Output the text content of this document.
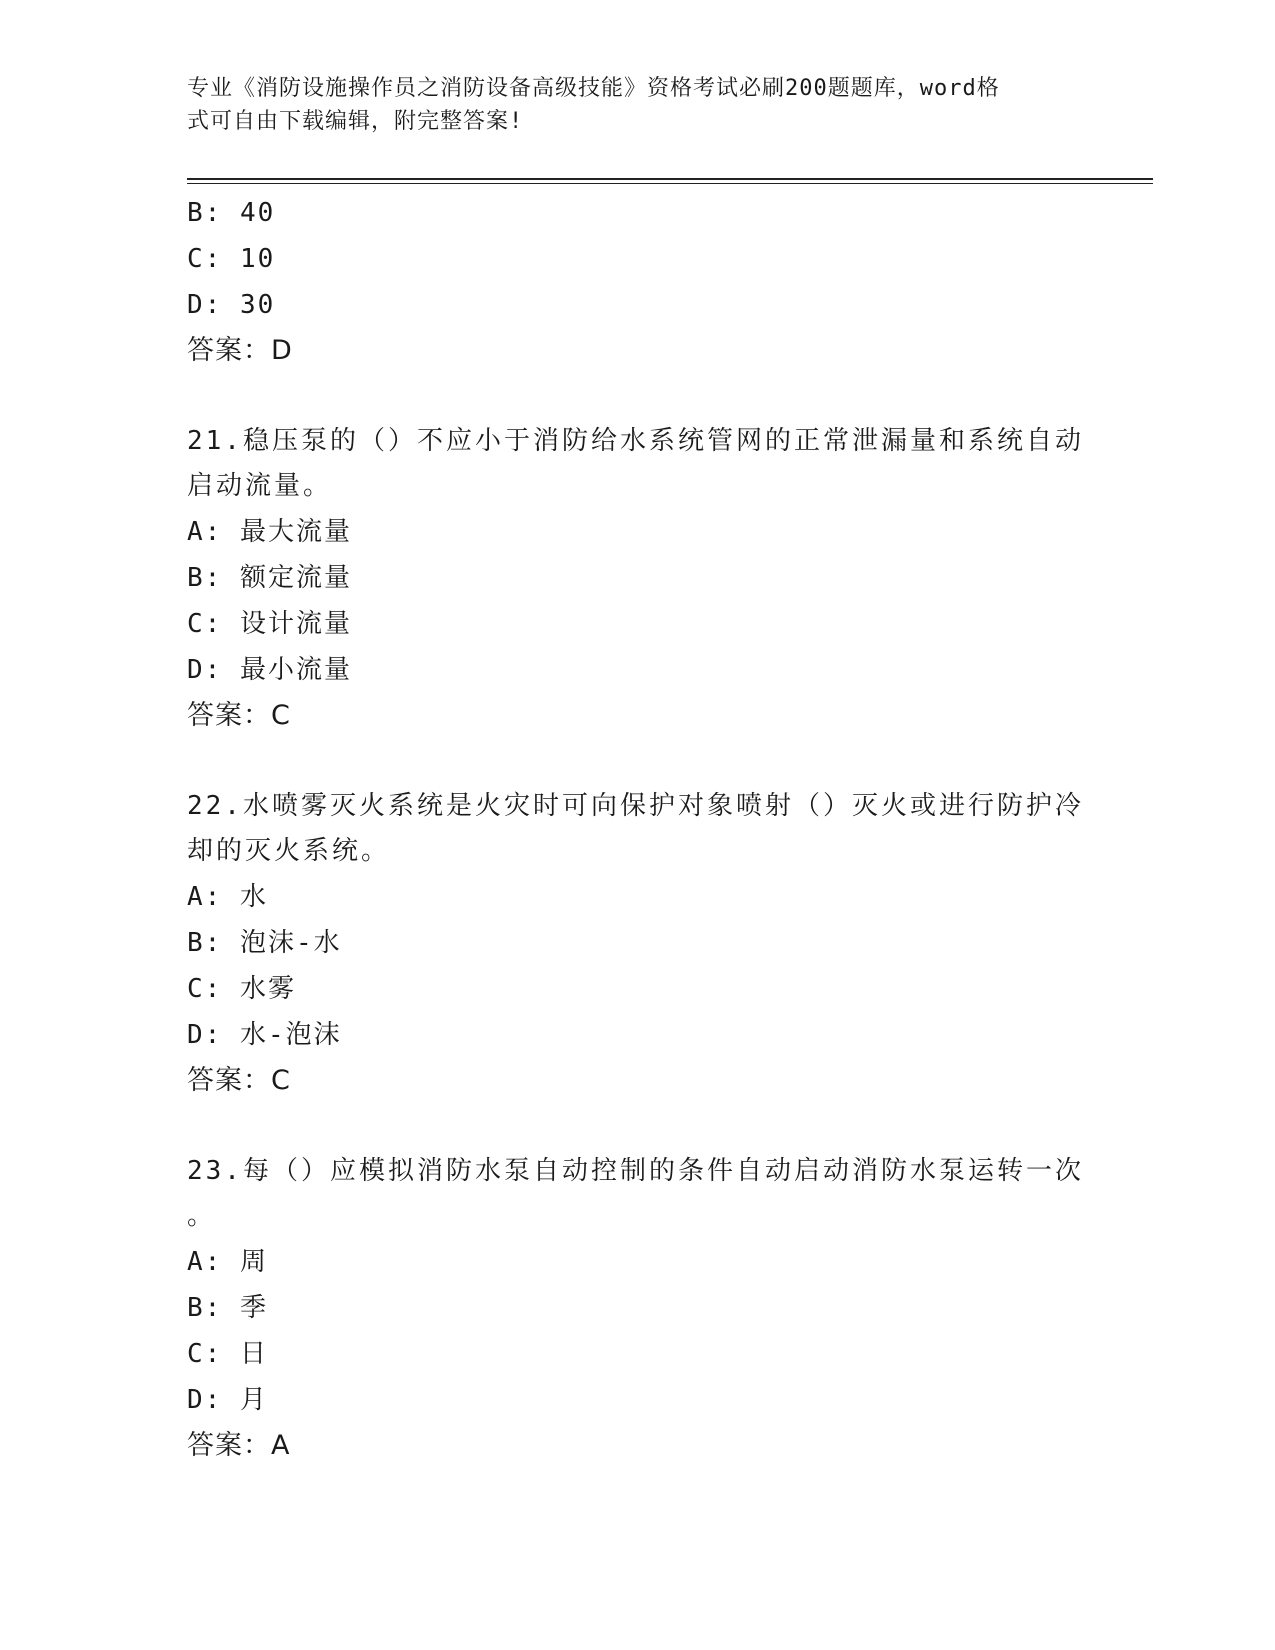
专业《消防设施操作员之消防设备高级技能》资格考试必刷200题题库，word格
式可自由下载编辑，附完整答案!
B: 40
C: 10
D: 30
答案：D
21.稳压泵的（）不应小于消防给水系统管网的正常泄漏量和系统自动
启动流量。
A: 最大流量
B: 额定流量
C: 设计流量
D: 最小流量
答案：C
22.水喷雾灭火系统是火灾时可向保护对象喷射（）灭火或进行防护冷
却的灭火系统。
A: 水
B: 泡沫-水
C: 水雾
D: 水-泡沫
答案：C
23.每（）应模拟消防水泵自动控制的条件自动启动消防水泵运转一次
。
A: 周
B: 季
C: 日
D: 月
答案：A
